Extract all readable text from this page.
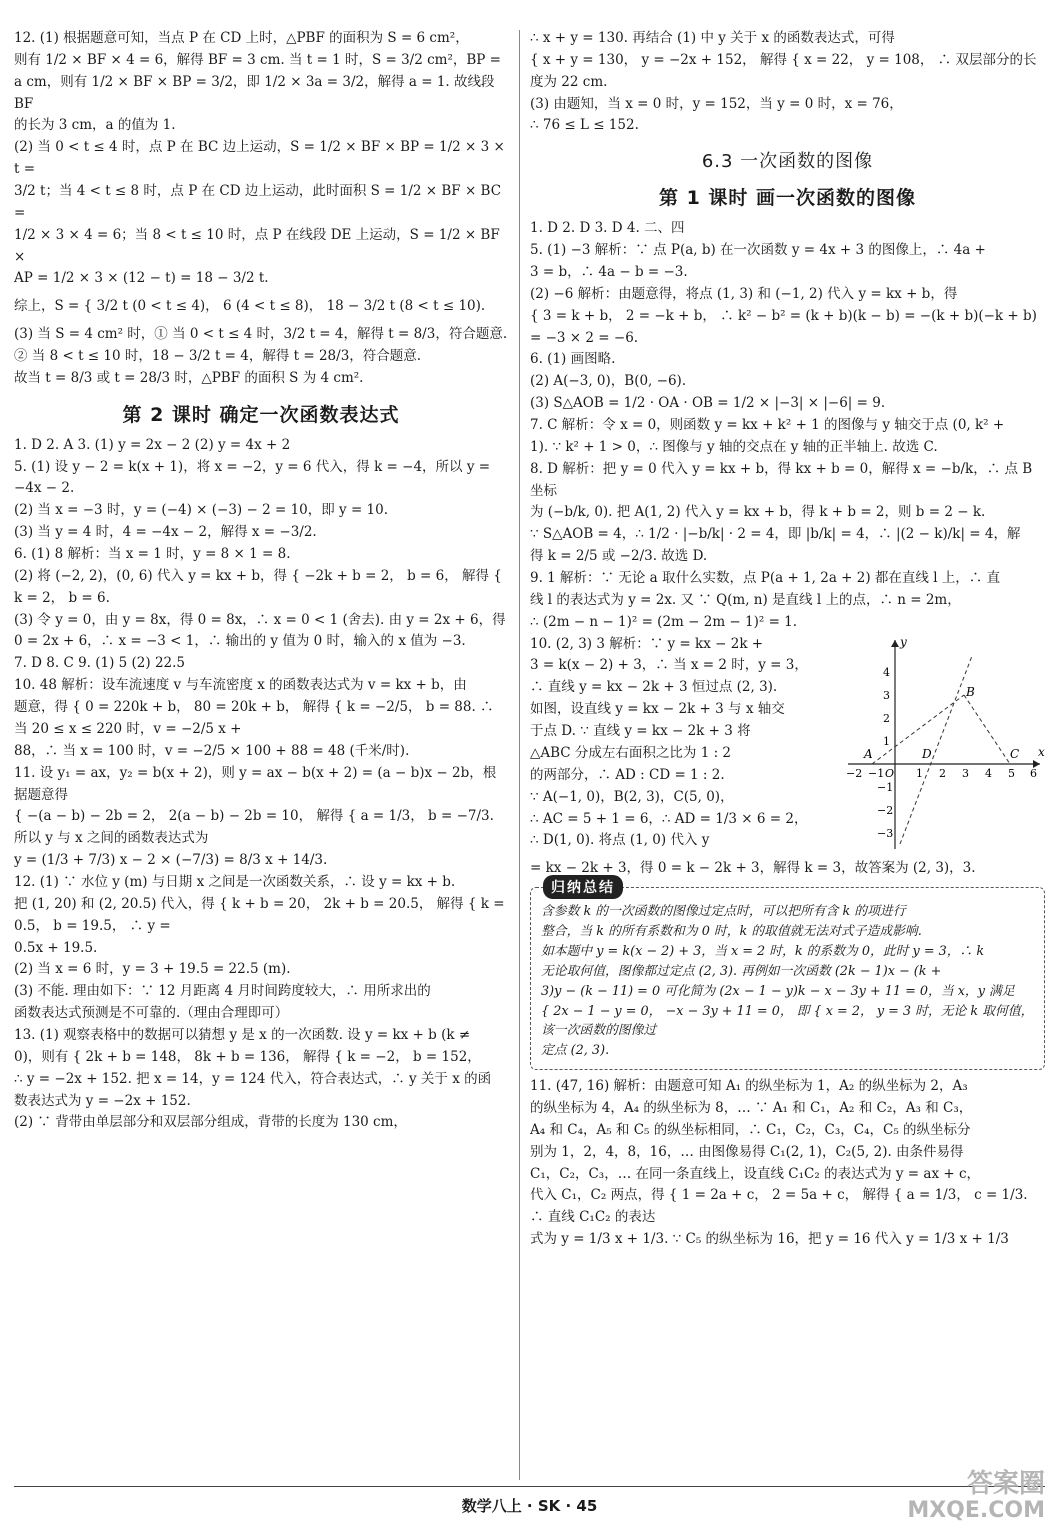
12. (1) 根据题意可知，当点 P 在 CD 上时，△PBF 的面积为 S = 6 cm²，

则有 1/2 × BF × 4 = 6，解得 BF = 3 cm. 当 t = 1 时，S = 3/2 cm²，BP =

a cm，则有 1/2 × BF × BP = 3/2，即 1/2 × 3a = 3/2，解得 a = 1. 故线段 BF

的长为 3 cm，a 的值为 1.

(2) 当 0 < t ≤ 4 时，点 P 在 BC 边上运动，S = 1/2 × BF × BP = 1/2 × 3 × t =

3/2 t；当 4 < t ≤ 8 时，点 P 在 CD 边上运动，此时面积 S = 1/2 × BF × BC =

1/2 × 3 × 4 = 6；当 8 < t ≤ 10 时，点 P 在线段 DE 上运动，S = 1/2 × BF ×

AP = 1/2 × 3 × (12 − t) = 18 − 3/2 t.

综上，S = { 3/2 t (0 < t ≤ 4)， 6 (4 < t ≤ 8)， 18 − 3/2 t (8 < t ≤ 10).

(3) 当 S = 4 cm² 时，① 当 0 < t ≤ 4 时，3/2 t = 4，解得 t = 8/3，符合题意.

② 当 8 < t ≤ 10 时，18 − 3/2 t = 4，解得 t = 28/3，符合题意.

故当 t = 8/3 或 t = 28/3 时，△PBF 的面积 S 为 4 cm².

第 2 课时 确定一次函数表达式

1. D 2. A 3. (1) y = 2x − 2 (2) y = 4x + 2

5. (1) 设 y − 2 = k(x + 1)，将 x = −2，y = 6 代入，得 k = −4，所以 y = −4x − 2.

(2) 当 x = −3 时，y = (−4) × (−3) − 2 = 10，即 y = 10.

(3) 当 y = 4 时，4 = −4x − 2，解得 x = −3/2.

6. (1) 8 解析：当 x = 1 时，y = 8 × 1 = 8.

(2) 将 (−2, 2)，(0, 6) 代入 y = kx + b，得 { −2k + b = 2， b = 6， 解得 { k = 2， b = 6.

(3) 令 y = 0，由 y = 8x，得 0 = 8x，∴ x = 0 < 1 (舍去). 由 y = 2x + 6，得

0 = 2x + 6，∴ x = −3 < 1，∴ 输出的 y 值为 0 时，输入的 x 值为 −3.

7. D 8. C 9. (1) 5 (2) 22.5

10. 48 解析：设车流速度 v 与车流密度 x 的函数表达式为 v = kx + b，由

题意，得 { 0 = 220k + b， 80 = 20k + b， 解得 { k = −2/5， b = 88. ∴ 当 20 ≤ x ≤ 220 时，v = −2/5 x +

88，∴ 当 x = 100 时，v = −2/5 × 100 + 88 = 48 (千米/时).

11. 设 y₁ = ax，y₂ = b(x + 2)，则 y = ax − b(x + 2) = (a − b)x − 2b，根据题意得

{ −(a − b) − 2b = 2， 2(a − b) − 2b = 10， 解得 { a = 1/3， b = −7/3. 所以 y 与 x 之间的函数表达式为

y = (1/3 + 7/3) x − 2 × (−7/3) = 8/3 x + 14/3.

12. (1) ∵ 水位 y (m) 与日期 x 之间是一次函数关系，∴ 设 y = kx + b.

把 (1, 20) 和 (2, 20.5) 代入，得 { k + b = 20， 2k + b = 20.5， 解得 { k = 0.5， b = 19.5， ∴ y =

0.5x + 19.5.

(2) 当 x = 6 时，y = 3 + 19.5 = 22.5 (m).

(3) 不能. 理由如下：∵ 12 月距离 4 月时间跨度较大，∴ 用所求出的

函数表达式预测是不可靠的.（理由合理即可）

13. (1) 观察表格中的数据可以猜想 y 是 x 的一次函数. 设 y = kx + b (k ≠

0)，则有 { 2k + b = 148， 8k + b = 136， 解得 { k = −2， b = 152，

∴ y = −2x + 152. 把 x = 14，y = 124 代入，符合表达式，∴ y 关于 x 的函

数表达式为 y = −2x + 152.

(2) ∵ 背带由单层部分和双层部分组成，背带的长度为 130 cm，

∴ x + y = 130. 再结合 (1) 中 y 关于 x 的函数表达式，可得

{ x + y = 130， y = −2x + 152， 解得 { x = 22， y = 108， ∴ 双层部分的长度为 22 cm.

(3) 由题知，当 x = 0 时，y = 152，当 y = 0 时，x = 76，

∴ 76 ≤ L ≤ 152.

6.3 一次函数的图像
第 1 课时 画一次函数的图像

1. D 2. D 3. D 4. 二、四

5. (1) −3 解析：∵ 点 P(a, b) 在一次函数 y = 4x + 3 的图像上，∴ 4a +

3 = b，∴ 4a − b = −3.

(2) −6 解析：由题意得，将点 (1, 3) 和 (−1, 2) 代入 y = kx + b，得

{ 3 = k + b， 2 = −k + b， ∴ k² − b² = (k + b)(k − b) = −(k + b)(−k + b) = −3 × 2 = −6.

6. (1) 画图略.

(2) A(−3, 0)，B(0, −6).

(3) S△AOB = 1/2 · OA · OB = 1/2 × |−3| × |−6| = 9.

7. C 解析：令 x = 0，则函数 y = kx + k² + 1 的图像与 y 轴交于点 (0, k² +

1). ∵ k² + 1 > 0，∴ 图像与 y 轴的交点在 y 轴的正半轴上. 故选 C.

8. D 解析：把 y = 0 代入 y = kx + b，得 kx + b = 0，解得 x = −b/k，∴ 点 B 坐标

为 (−b/k, 0). 把 A(1, 2) 代入 y = kx + b，得 k + b = 2，则 b = 2 − k.

∵ S△AOB = 4，∴ 1/2 · |−b/k| · 2 = 4，即 |b/k| = 4，∴ |(2 − k)/k| = 4，解

得 k = 2/5 或 −2/3. 故选 D.

9. 1 解析：∵ 无论 a 取什么实数，点 P(a + 1, 2a + 2) 都在直线 l 上，∴ 直

线 l 的表达式为 y = 2x. 又 ∵ Q(m, n) 是直线 l 上的点，∴ n = 2m，

∴ (2m − n − 1)² = (2m − 2m − 1)² = 1.

x
y
O
−2 −1	1 2 3 4 5 6
4
3
2
1
−1
−2
−3
A
B
C
D

10. (2, 3) 3 解析：∵ y = kx − 2k +

3 = k(x − 2) + 3，∴ 当 x = 2 时，y = 3，

∴ 直线 y = kx − 2k + 3 恒过点 (2, 3).

如图，设直线 y = kx − 2k + 3 与 x 轴交

于点 D. ∵ 直线 y = kx − 2k + 3 将

△ABC 分成左右面积之比为 1 : 2

的两部分，∴ AD : CD = 1 : 2.

∵ A(−1, 0)，B(2, 3)，C(5, 0)，

∴ AC = 5 + 1 = 6，∴ AD = 1/3 × 6 = 2，

∴ D(1, 0). 将点 (1, 0) 代入 y

= kx − 2k + 3，得 0 = k − 2k + 3，解得 k = 3，故答案为 (2, 3)，3.

归纳总结

含参数 k 的一次函数的图像过定点时，可以把所有含 k 的项进行

整合，当 k 的所有系数和为 0 时，k 的取值就无法对式子造成影响.

如本题中 y = k(x − 2) + 3，当 x = 2 时，k 的系数为 0，此时 y = 3，∴ k

无论取何值，图像都过定点 (2, 3). 再例如一次函数 (2k − 1)x − (k +

3)y − (k − 11) = 0 可化简为 (2x − 1 − y)k − x − 3y + 11 = 0，当 x，y 满足

{ 2x − 1 − y = 0， −x − 3y + 11 = 0， 即 { x = 2， y = 3 时，无论 k 取何值，该一次函数的图像过

定点 (2, 3).

11. (47, 16) 解析：由题意可知 A₁ 的纵坐标为 1，A₂ 的纵坐标为 2，A₃

的纵坐标为 4，A₄ 的纵坐标为 8，… ∵ A₁ 和 C₁，A₂ 和 C₂，A₃ 和 C₃，

A₄ 和 C₄，A₅ 和 C₅ 的纵坐标相同，∴ C₁，C₂，C₃，C₄，C₅ 的纵坐标分

别为 1，2，4，8，16，… 由图像易得 C₁(2, 1)，C₂(5, 2). 由条件易得

C₁，C₂，C₃，… 在同一条直线上，设直线 C₁C₂ 的表达式为 y = ax + c，

代入 C₁，C₂ 两点，得 { 1 = 2a + c， 2 = 5a + c， 解得 { a = 1/3， c = 1/3. ∴ 直线 C₁C₂ 的表达

式为 y = 1/3 x + 1/3. ∵ C₅ 的纵坐标为 16，把 y = 16 代入 y = 1/3 x + 1/3

数学八上 · SK · 45
答案圈
MXQE.COM
